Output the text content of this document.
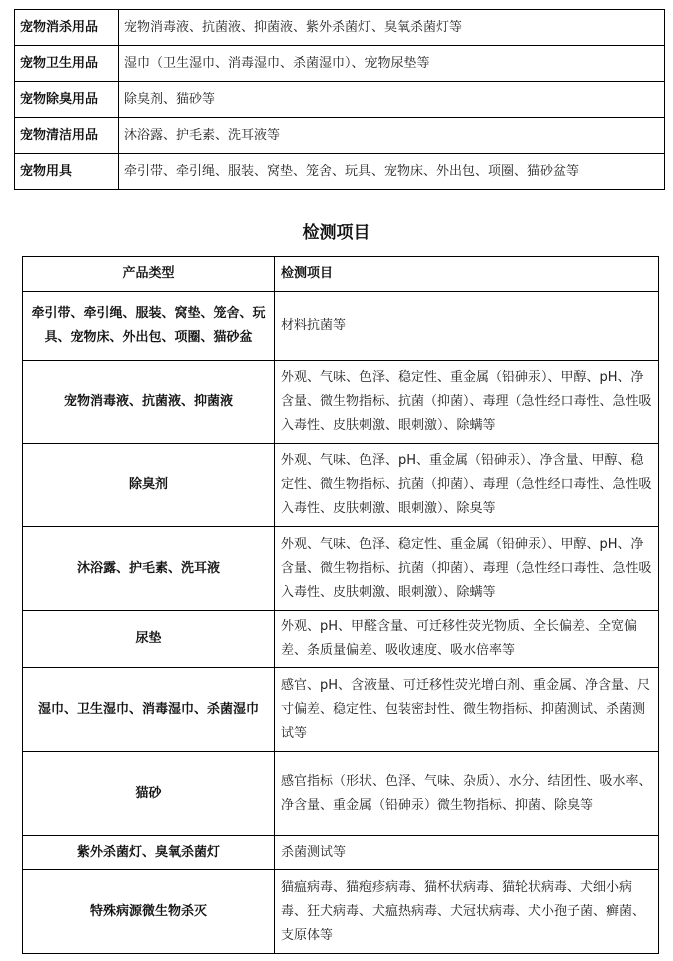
宠物消杀用品	宠物消毒液、抗菌液、抑菌液、紫外杀菌灯、臭氧杀菌灯等
宠物卫生用品	湿巾（卫生湿巾、消毒湿巾、杀菌湿巾）、宠物尿垫等
宠物除臭用品	除臭剂、猫砂等
宠物清洁用品	沐浴露、护毛素、洗耳液等
宠物用具	牵引带、牵引绳、服装、窝垫、笼舍、玩具、宠物床、外出包、项圈、猫砂盆等
检测项目
产品类型	检测项目
牵引带、牵引绳、服装、窝垫、笼舍、玩具、宠物床、外出包、项圈、猫砂盆	材料抗菌等
宠物消毒液、抗菌液、抑菌液	外观、气味、色泽、稳定性、重金属（铅砷汞）、甲醇、pH、净含量、微生物指标、抗菌（抑菌）、毒理（急性经口毒性、急性吸入毒性、皮肤刺激、眼刺激）、除螨等
除臭剂	外观、气味、色泽、pH、重金属（铅砷汞）、净含量、甲醇、稳定性、微生物指标、抗菌（抑菌）、毒理（急性经口毒性、急性吸入毒性、皮肤刺激、眼刺激）、除臭等
沐浴露、护毛素、洗耳液	外观、气味、色泽、稳定性、重金属（铅砷汞）、甲醇、pH、净含量、微生物指标、抗菌（抑菌）、毒理（急性经口毒性、急性吸入毒性、皮肤刺激、眼刺激）、除螨等
尿垫	外观、pH、甲醛含量、可迁移性荧光物质、全长偏差、全宽偏差、条质量偏差、吸收速度、吸水倍率等
湿巾、卫生湿巾、消毒湿巾、杀菌湿巾	感官、pH、含液量、可迁移性荧光增白剂、重金属、净含量、尺寸偏差、稳定性、包装密封性、微生物指标、抑菌测试、杀菌测试等
猫砂	感官指标（形状、色泽、气味、杂质）、水分、结团性、吸水率、净含量、重金属（铅砷汞）微生物指标、抑菌、除臭等
紫外杀菌灯、臭氧杀菌灯	杀菌测试等
特殊病源微生物杀灭	猫瘟病毒、猫疱疹病毒、猫杯状病毒、猫轮状病毒、犬细小病毒、狂犬病毒、犬瘟热病毒、犬冠状病毒、犬小孢子菌、癣菌、支原体等
